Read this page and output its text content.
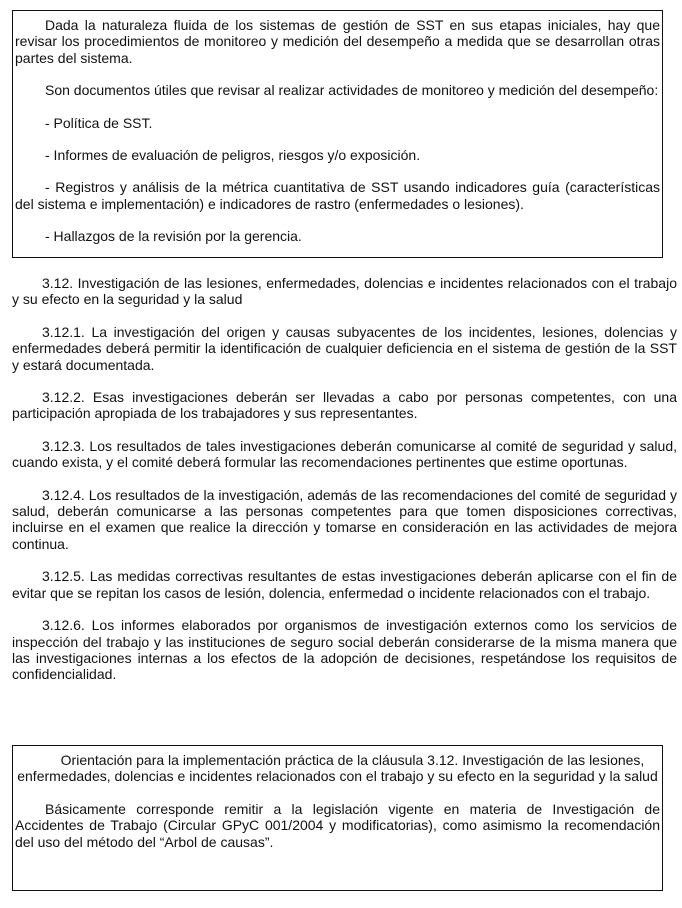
Dada la naturaleza fluida de los sistemas de gestión de SST en sus etapas iniciales, hay que revisar los procedimientos de monitoreo y medición del desempeño a medida que se desarrollan otras partes del sistema.

Son documentos útiles que revisar al realizar actividades de monitoreo y medición del desempeño:

- Política de SST.

- Informes de evaluación de peligros, riesgos y/o exposición.

- Registros y análisis de la métrica cuantitativa de SST usando indicadores guía (características del sistema e implementación) e indicadores de rastro (enfermedades o lesiones).

- Hallazgos de la revisión por la gerencia.

3.12. Investigación de las lesiones, enfermedades, dolencias e incidentes relacionados con el trabajo y su efecto en la seguridad y la salud

3.12.1. La investigación del origen y causas subyacentes de los incidentes, lesiones, dolencias y enfermedades deberá permitir la identificación de cualquier deficiencia en el sistema de gestión de la SST y estará documentada.

3.12.2. Esas investigaciones deberán ser llevadas a cabo por personas competentes, con una participación apropiada de los trabajadores y sus representantes.

3.12.3. Los resultados de tales investigaciones deberán comunicarse al comité de seguridad y salud, cuando exista, y el comité deberá formular las recomendaciones pertinentes que estime oportunas.

3.12.4. Los resultados de la investigación, además de las recomendaciones del comité de seguridad y salud, deberán comunicarse a las personas competentes para que tomen disposiciones correctivas, incluirse en el examen que realice la dirección y tomarse en consideración en las actividades de mejora continua.

3.12.5. Las medidas correctivas resultantes de estas investigaciones deberán aplicarse con el fin de evitar que se repitan los casos de lesión, dolencia, enfermedad o incidente relacionados con el trabajo.

3.12.6. Los informes elaborados por organismos de investigación externos como los servicios de inspección del trabajo y las instituciones de seguro social deberán considerarse de la misma manera que las investigaciones internas a los efectos de la adopción de decisiones, respetándose los requisitos de confidencialidad.

Orientación para la implementación práctica de la cláusula 3.12. Investigación de las lesiones, enfermedades, dolencias e incidentes relacionados con el trabajo y su efecto en la seguridad y la salud

Básicamente corresponde remitir a la legislación vigente en materia de Investigación de Accidentes de Trabajo (Circular GPyC 001/2004 y modificatorias), como asimismo la recomendación del uso del método del “Arbol de causas”.
